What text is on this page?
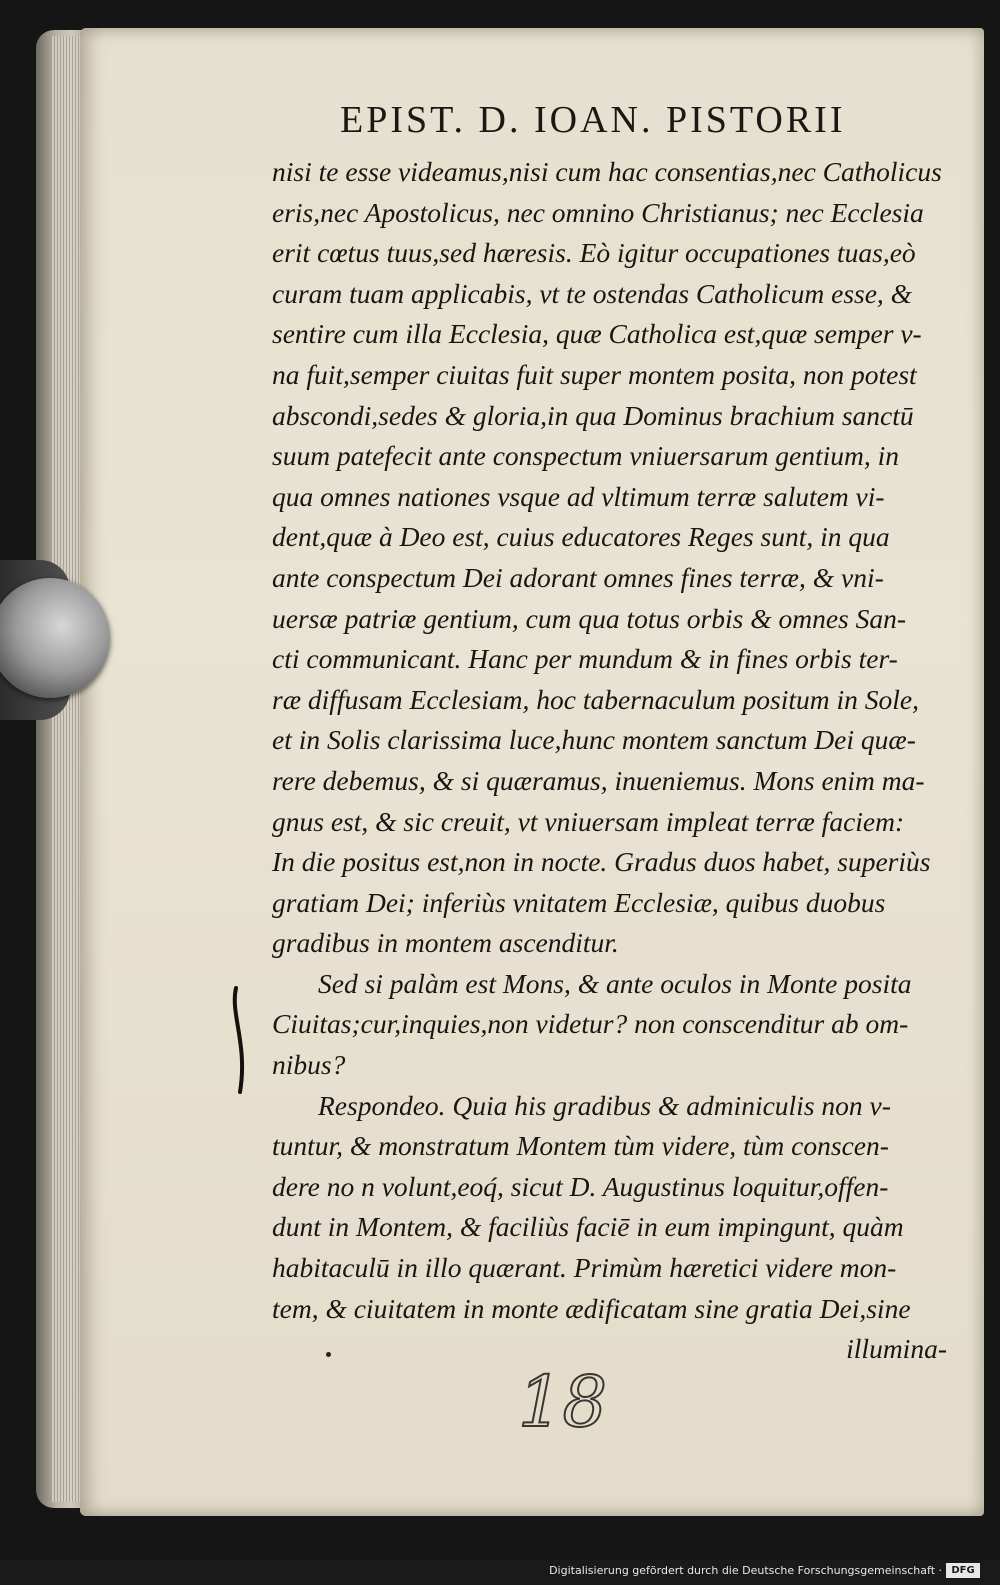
EPIST. D. IOAN. PISTORII
nisi te esse videamus,nisi cum hac consentias,nec Catholicus
eris,nec Apostolicus, nec omnino Christianus; nec Ecclesia
erit cœtus tuus,sed hæresis. Eò igitur occupationes tuas,eò
curam tuam applicabis, vt te ostendas Catholicum esse, &
sentire cum illa Ecclesia, quæ Catholica est,quæ semper v-
na fuit,semper ciuitas fuit super montem posita, non potest
abscondi,sedes & gloria,in qua Dominus brachium sanctū
suum patefecit ante conspectum vniuersarum gentium, in
qua omnes nationes vsque ad vltimum terræ salutem vi-
dent,quæ à Deo est, cuius educatores Reges sunt, in qua
ante conspectum Dei adorant omnes fines terræ, & vni-
uersæ patriæ gentium, cum qua totus orbis & omnes San-
cti communicant. Hanc per mundum & in fines orbis ter-
ræ diffusam Ecclesiam, hoc tabernaculum positum in Sole,
et in Solis clarissima luce,hunc montem sanctum Dei quæ-
rere debemus, & si quæramus, inueniemus. Mons enim ma-
gnus est, & sic creuit, vt vniuersam impleat terræ faciem:
In die positus est,non in nocte. Gradus duos habet, superiùs
gratiam Dei; inferiùs vnitatem Ecclesiæ, quibus duobus
gradibus in montem ascenditur.
Sed si palàm est Mons, & ante oculos in Monte posita
Ciuitas;cur,inquies,non videtur? non conscenditur ab om-
nibus?
Respondeo. Quia his gradibus & adminiculis non v-
tuntur, & monstratum Montem tùm videre, tùm conscen-
dere no n volunt,eoq́, sicut D. Augustinus loquitur,offen-
dunt in Montem, & faciliùs faciē in eum impingunt, quàm
habitaculū in illo quærant. Primùm hæretici videre mon-
tem, & ciuitatem in monte ædificatam sine gratia Dei,sine
illumina-
18
Digitalisierung gefördert durch die Deutsche Forschungsgemeinschaft · DFG
